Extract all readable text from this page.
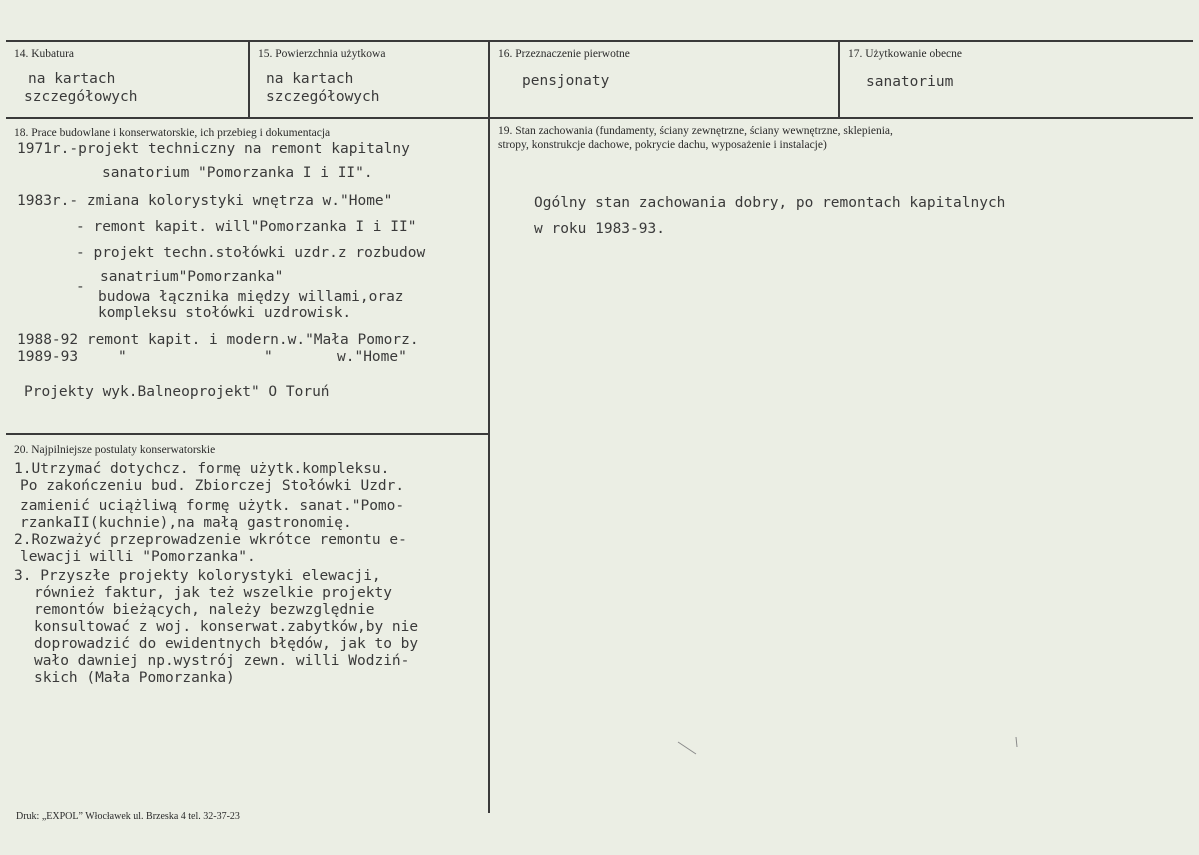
14. Kubatura
na kartach
szczegółowych
15. Powierzchnia użytkowa
na kartach
szczegółowych
16. Przeznaczenie pierwotne
pensjonaty
17. Użytkowanie obecne
sanatorium
18. Prace budowlane i konserwatorskie, ich przebieg i dokumentacja
1971r.-projekt techniczny na remont kapitalny
sanatorium "Pomorzanka I i II".
1983r.- zmiana kolorystyki wnętrza w."Home"
- remont kapit. will"Pomorzanka I i II"
- projekt techn.stołówki uzdr.z rozbudow
sanatrium"Pomorzanka"
-
budowa łącznika między willami,oraz
kompleksu stołówki uzdrowisk.
1988-92 remont kapit. i modern.w."Mała Pomorz.
1989-93	"	"	w."Home"
Projekty wyk.Balneoprojekt" O Toruń
19. Stan zachowania (fundamenty, ściany zewnętrzne, ściany wewnętrzne, sklepienia, stropy, konstrukcje dachowe, pokrycie dachu, wyposażenie i instalacje)
Ogólny stan zachowania dobry, po remontach kapitalnych
w roku 1983-93.
20. Najpilniejsze postulaty konserwatorskie
1.Utrzymać dotychcz. formę użytk.kompleksu.
Po zakończeniu bud. Zbiorczej Stołówki Uzdr.
zamienić uciążliwą formę użytk. sanat."Pomo-
rzankaII(kuchnie),na małą gastronomię.
2.Rozważyć przeprowadzenie wkrótce remontu e-
lewacji willi "Pomorzanka".
3. Przyszłe projekty kolorystyki elewacji,
również faktur, jak też wszelkie projekty
remontów bieżących, należy bezwzględnie
konsultować z woj. konserwat.zabytków,by nie
doprowadzić do ewidentnych błędów, jak to by
wało dawniej np.wystrój zewn. willi Wodziń-
skich (Mała Pomorzanka)
Druk: „EXPOL” Włocławek ul. Brzeska 4 tel. 32-37-23
